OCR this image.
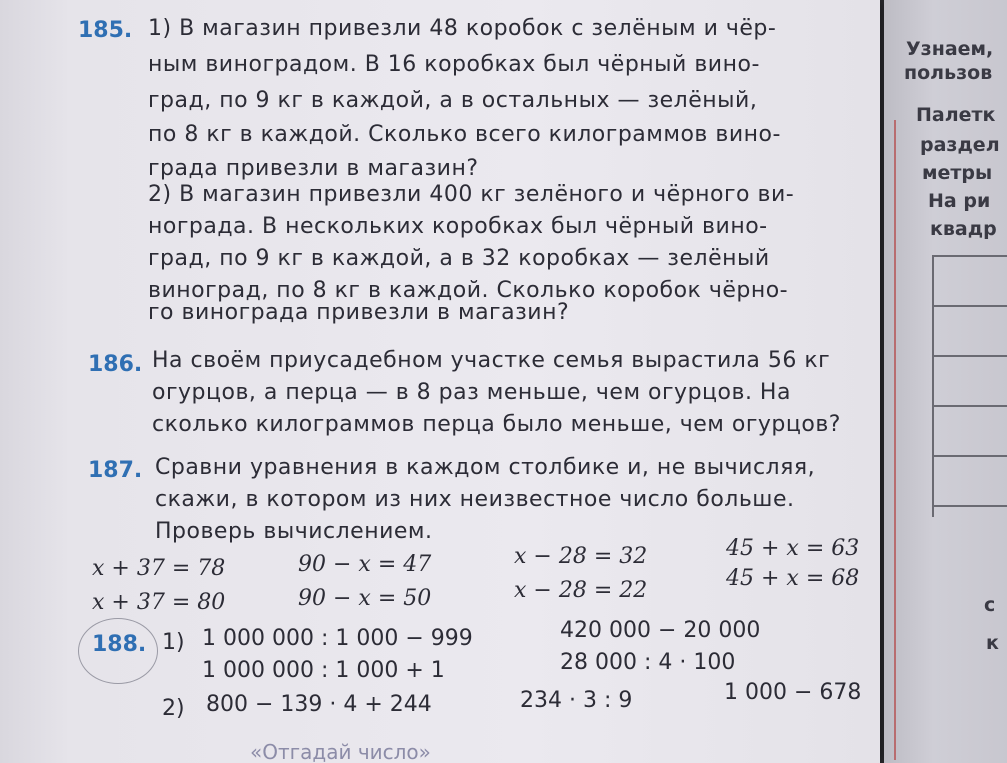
185. 1) В магазин привезли 48 коробок с зелёным и чёр-
ным виноградом. В 16 коробках был чёрный вино-
град, по 9 кг в каждой, а в остальных — зелёный,
по 8 кг в каждой. Сколько всего килограммов вино-
града привезли в магазин?
2) В магазин привезли 400 кг зелёного и чёрного ви-
нограда. В нескольких коробках был чёрный вино-
град, по 9 кг в каждой, а в 32 коробках — зелёный
виноград, по 8 кг в каждой. Сколько коробок чёрно-
го винограда привезли в магазин?
186. На своём приусадебном участке семья вырастила 56 кг
огурцов, а перца — в 8 раз меньше, чем огурцов. На
сколько килограммов перца было меньше, чем огурцов?
187. Сравни уравнения в каждом столбике и, не вычисляя,
скажи, в котором из них неизвестное число больше.
Проверь вычислением.
x + 37 = 78	90 − x = 47	x − 28 = 32	45 + x = 63
x + 37 = 80	90 − x = 50	x − 28 = 22	45 + x = 68
188. 1) 1 000 000 : 1 000 − 999
1 000 000 : 1 000 + 1
420 000 − 20 000
28 000 : 4 · 100
2) 800 − 139 · 4 + 244	234 · 3 : 9	1 000 − 678
«Отгадай число»
Узнаем,
пользов
Палетк
раздел
метры
На ри
квадр
с
к
